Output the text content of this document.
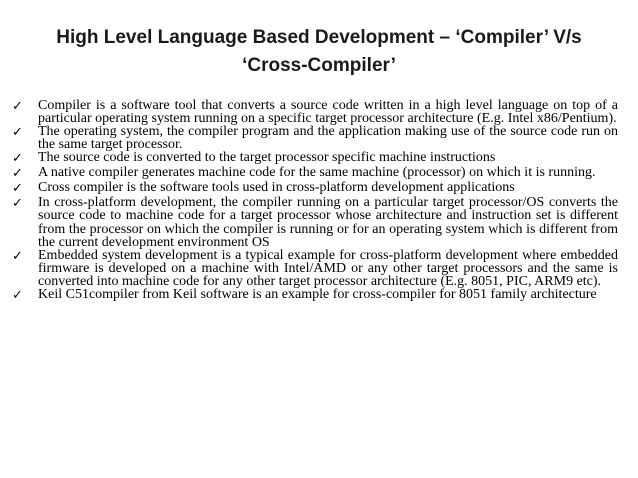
High Level Language Based Development – ‘Compiler’ V/s
‘Cross-Compiler’
✓	Compiler is a software tool that converts a source code written in a high level language on top of a particular operating system running on a specific target processor architecture (E.g. Intel x86/Pentium).
✓	The operating system, the compiler program and the application making use of the source code run on the same target processor.
✓	The source code is converted to the target processor specific machine instructions
✓	A native compiler generates machine code for the same machine (processor) on which it is running.
✓	Cross compiler is the software tools used in cross-platform development applications
✓	In cross-platform development, the compiler running on a particular target processor/OS converts the source code to machine code for a target processor whose architecture and instruction set is different from the processor on which the compiler is running or for an operating system which is different from the current development environment OS
✓	Embedded system development is a typical example for cross-platform development where embedded firmware is developed on a machine with Intel/AMD or any other target processors and the same is converted into machine code for any other target processor architecture (E.g. 8051, PIC, ARM9 etc).
✓	Keil C51compiler from Keil software is an example for cross-compiler for 8051 family architecture
